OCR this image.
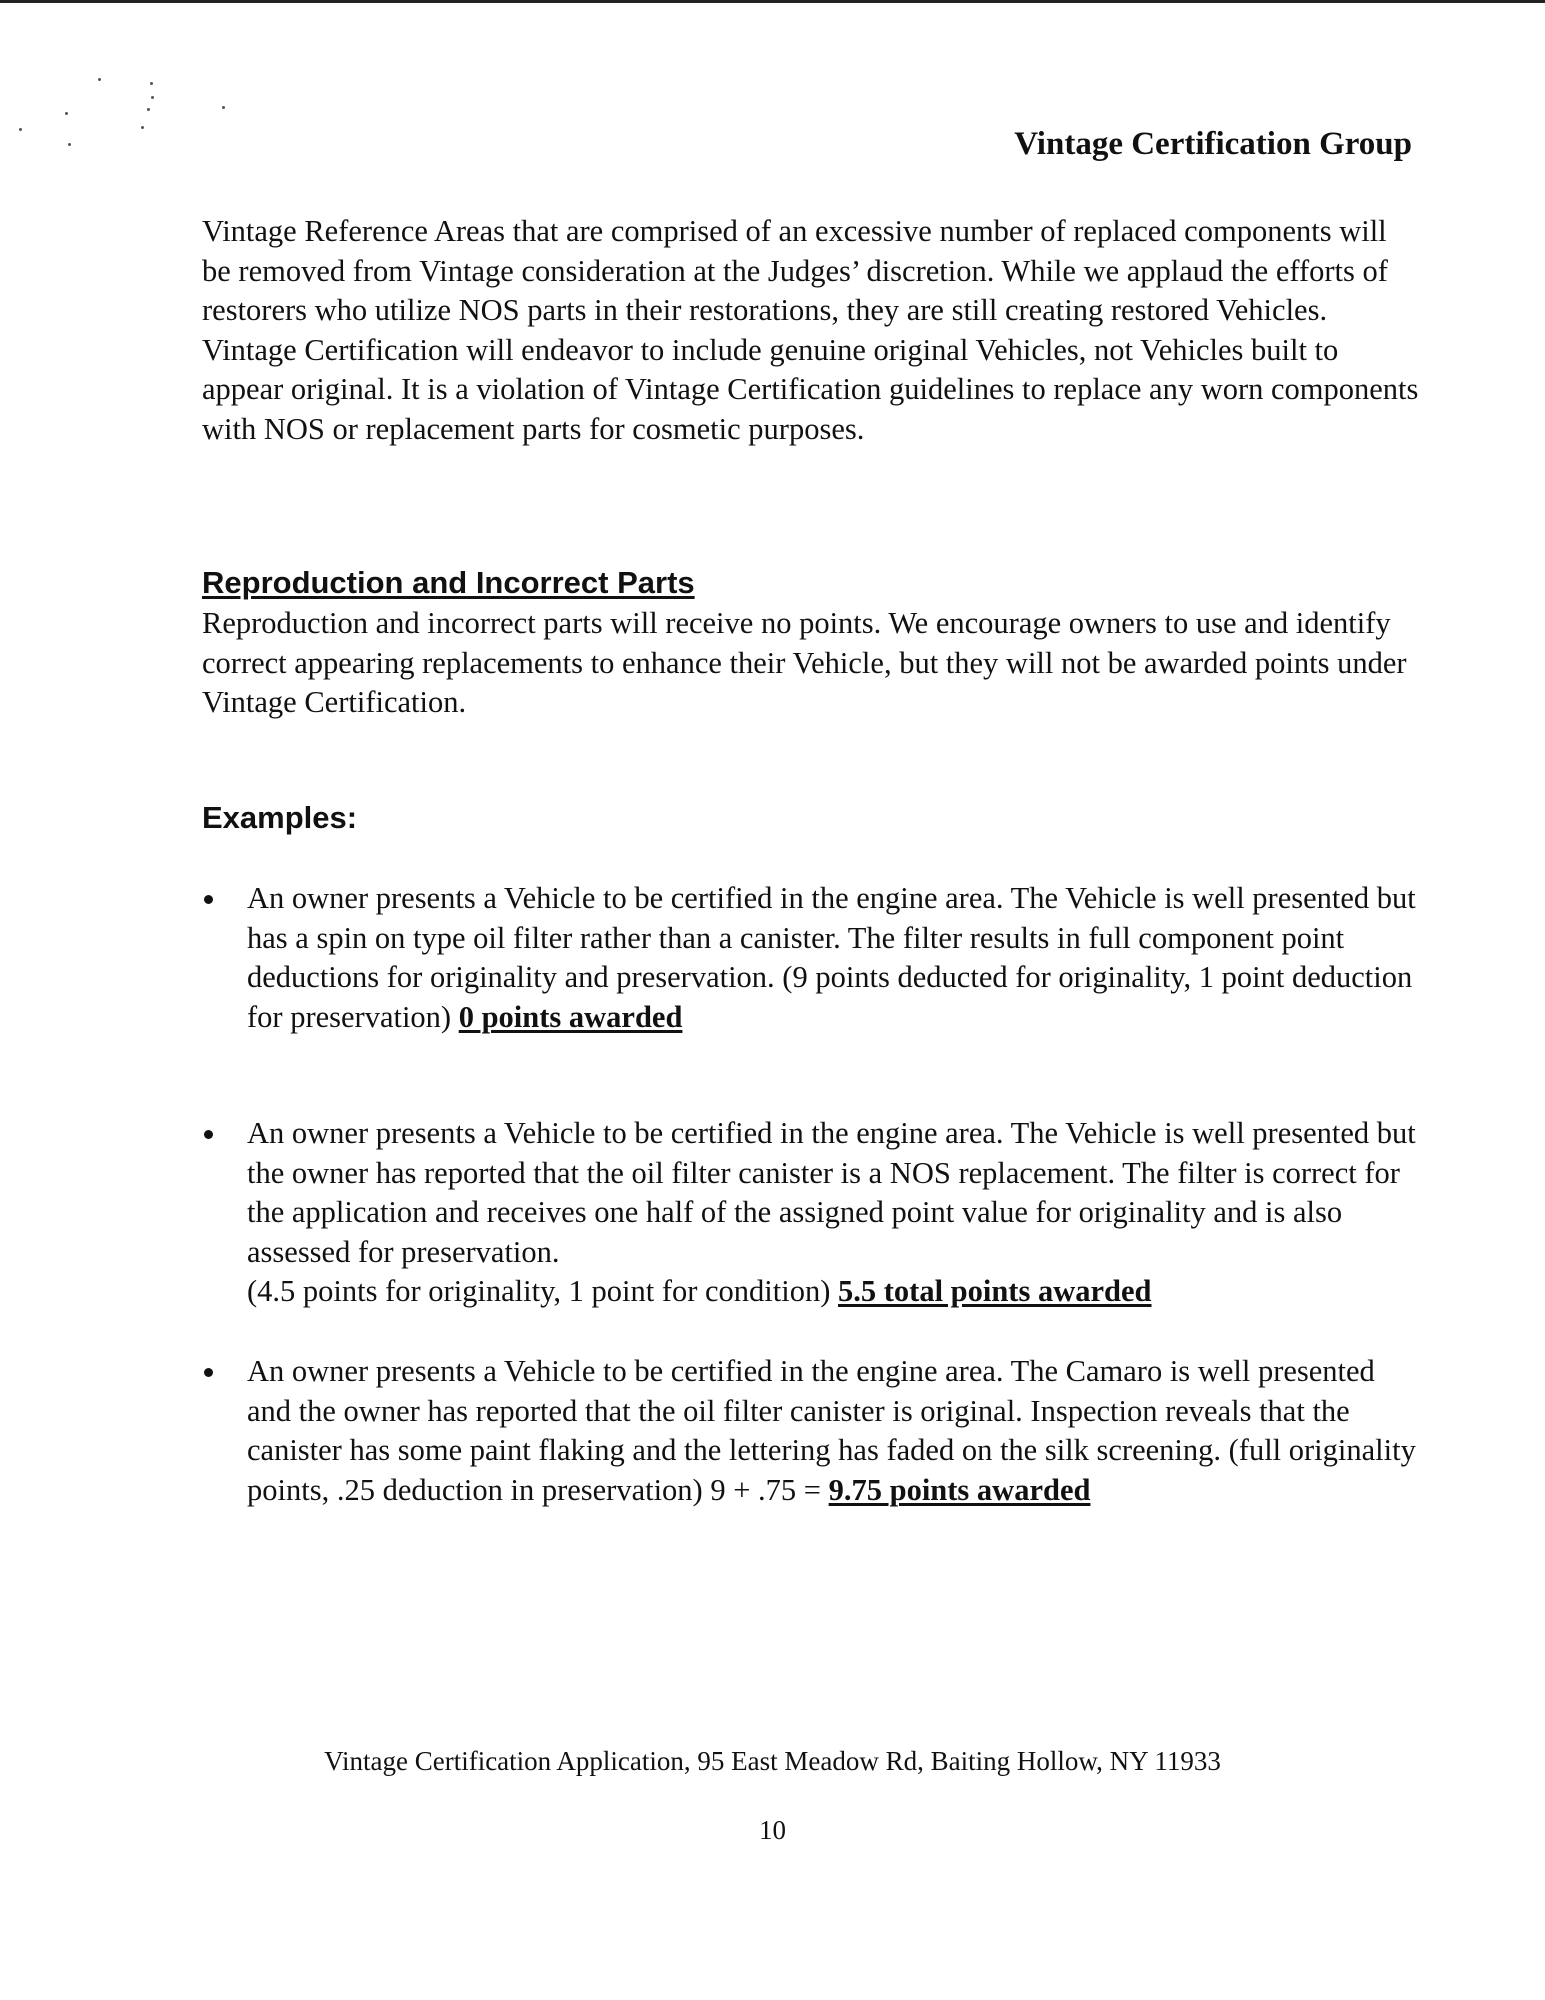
Vintage Certification Group

Vintage Reference Areas that are comprised of an excessive number of replaced components will be removed from Vintage consideration at the Judges’ discretion. While we applaud the efforts of restorers who utilize NOS parts in their restorations, they are still creating restored Vehicles. Vintage Certification will endeavor to include genuine original Vehicles, not Vehicles built to appear original. It is a violation of Vintage Certification guidelines to replace any worn components with NOS or replacement parts for cosmetic purposes.

Reproduction and Incorrect Parts

Reproduction and incorrect parts will receive no points. We encourage owners to use and identify correct appearing replacements to enhance their Vehicle, but they will not be awarded points under Vintage Certification.

Examples:
An owner presents a Vehicle to be certified in the engine area. The Vehicle is well presented but has a spin on type oil filter rather than a canister. The filter results in full component point deductions for originality and preservation. (9 points deducted for originality, 1 point deduction for preservation) 0 points awarded
An owner presents a Vehicle to be certified in the engine area. The Vehicle is well presented but the owner has reported that the oil filter canister is a NOS replacement. The filter is correct for the application and receives one half of the assigned point value for originality and is also assessed for preservation.
(4.5 points for originality, 1 point for condition) 5.5 total points awarded
An owner presents a Vehicle to be certified in the engine area. The Camaro is well presented and the owner has reported that the oil filter canister is original. Inspection reveals that the canister has some paint flaking and the lettering has faded on the silk screening. (full originality points, .25 deduction in preservation) 9 + .75 = 9.75 points awarded
Vintage Certification Application, 95 East Meadow Rd, Baiting Hollow, NY 11933
10
